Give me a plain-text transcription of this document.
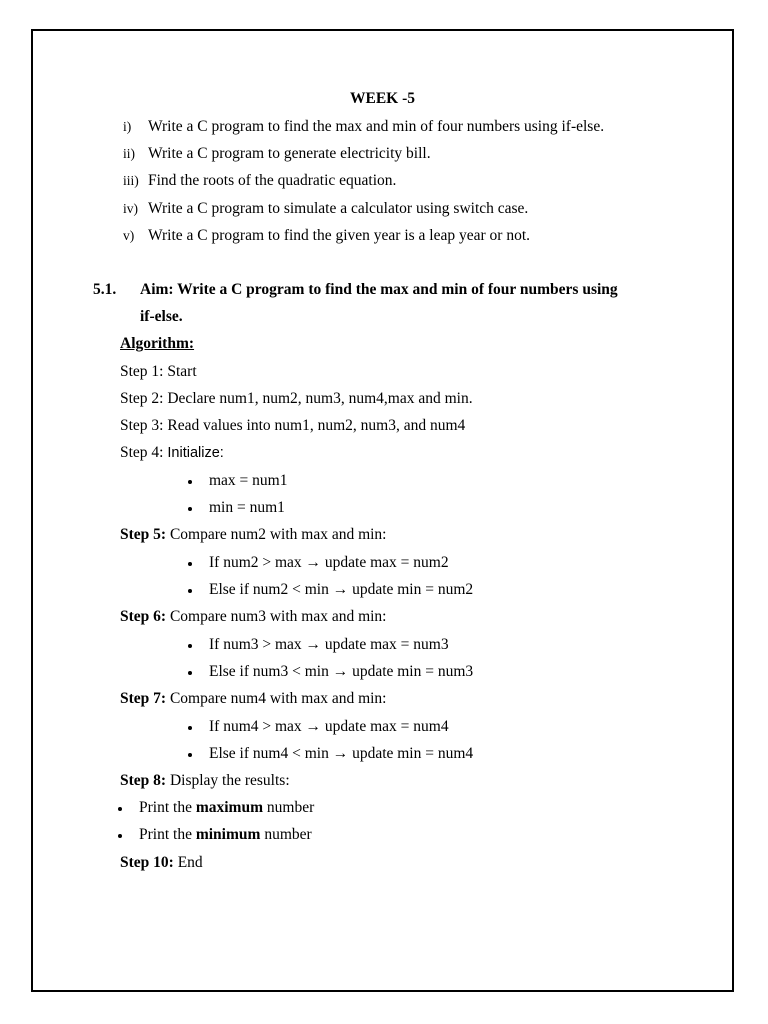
WEEK -5
i) Write a C program to find the max and min of four numbers using if-else.
ii) Write a C program to generate electricity bill.
iii) Find the roots of the quadratic equation.
iv) Write a C program to simulate a calculator using switch case.
v) Write a C program to find the given year is a leap year or not.
5.1. Aim: Write a C program to find the max and min of four numbers using
if-else.
Algorithm:
Step 1: Start
Step 2: Declare num1, num2, num3, num4,max and min.
Step 3: Read values into num1, num2, num3, and num4
Step 4: Initialize:
max = num1
min = num1
Step 5: Compare num2 with max and min:
If num2 > max → update max = num2
Else if num2 < min → update min = num2
Step 6: Compare num3 with max and min:
If num3 > max → update max = num3
Else if num3 < min → update min = num3
Step 7: Compare num4 with max and min:
If num4 > max → update max = num4
Else if num4 < min → update min = num4
Step 8: Display the results:
Print the maximum number
Print the minimum number
Step 10: End
